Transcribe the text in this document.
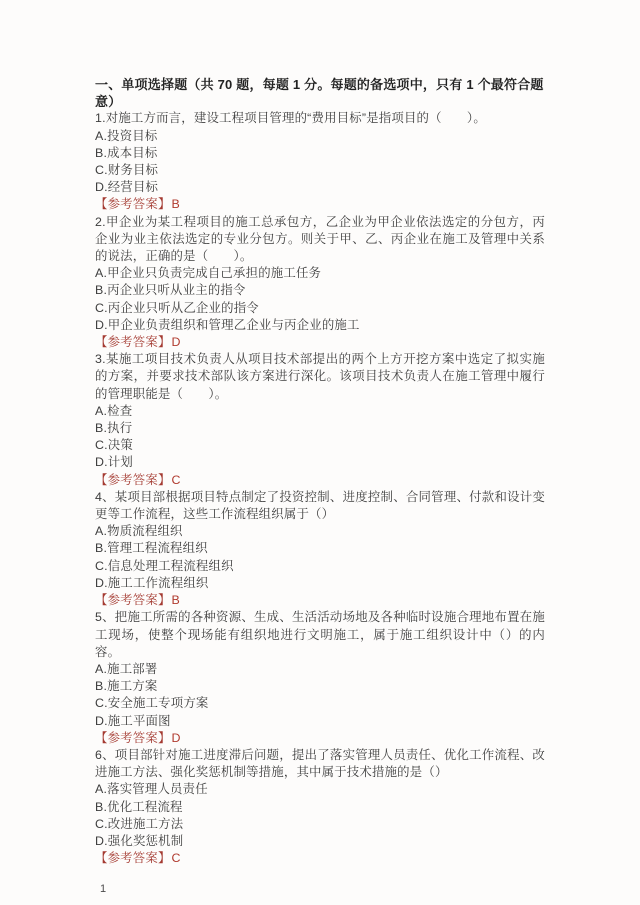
一、单项选择题（共 70 题，每题 1 分。每题的备选项中，只有 1 个最符合题意）

1.对施工方而言，建设工程项目管理的“费用目标”是指项目的（　　）。

A.投资目标

B.成本目标

C.财务目标

D.经营目标

【参考答案】B

2.甲企业为某工程项目的施工总承包方，乙企业为甲企业依法选定的分包方，丙企业为业主依法选定的专业分包方。则关于甲、乙、丙企业在施工及管理中关系的说法，正确的是（　　）。

A.甲企业只负责完成自己承担的施工任务

B.丙企业只听从业主的指令

C.丙企业只听从乙企业的指令

D.甲企业负责组织和管理乙企业与丙企业的施工

【参考答案】D

3.某施工项目技术负责人从项目技术部提出的两个上方开挖方案中选定了拟实施的方案，并要求技术部队该方案进行深化。该项目技术负责人在施工管理中履行的管理职能是（　　）。

A.检查

B.执行

C.决策

D.计划

【参考答案】C

4、某项目部根据项目特点制定了投资控制、进度控制、合同管理、付款和设计变更等工作流程，这些工作流程组织属于（）

A.物质流程组织

B.管理工程流程组织

C.信息处理工程流程组织

D.施工工作流程组织

【参考答案】B

5、把施工所需的各种资源、生成、生活活动场地及各种临时设施合理地布置在施工现场，使整个现场能有组织地进行文明施工，属于施工组织设计中（）的内容。

A.施工部署

B.施工方案

C.安全施工专项方案

D.施工平面图

【参考答案】D

6、项目部针对施工进度滞后问题，提出了落实管理人员责任、优化工作流程、改进施工方法、强化奖惩机制等措施，其中属于技术措施的是（）

A.落实管理人员责任

B.优化工程流程

C.改进施工方法

D.强化奖惩机制

【参考答案】C

1
